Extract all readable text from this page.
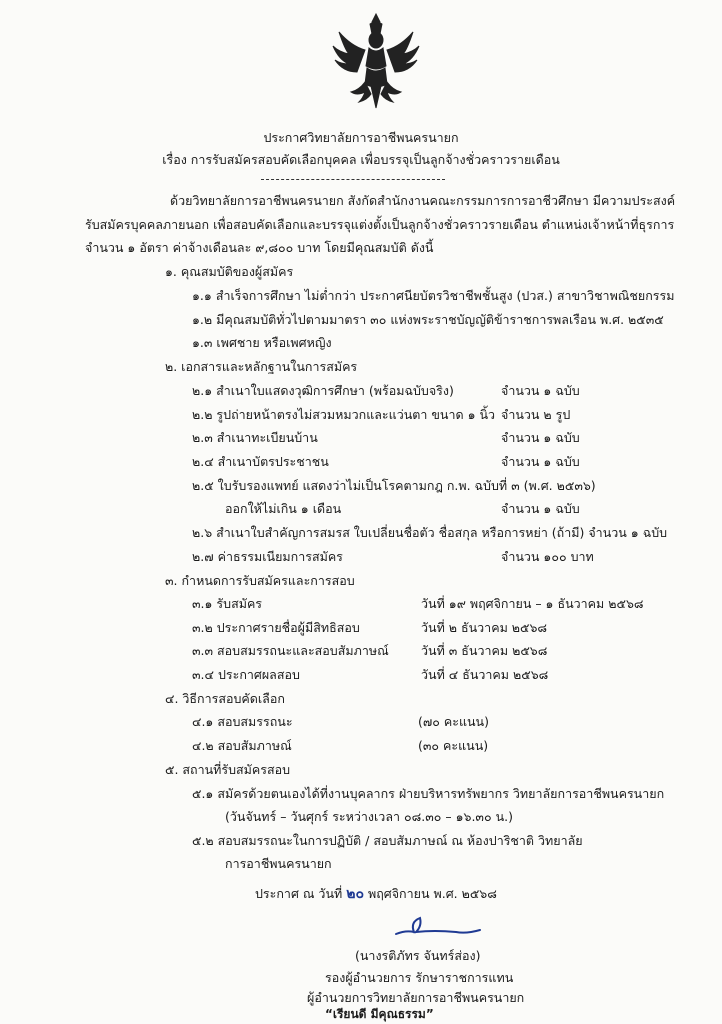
ประกาศวิทยาลัยการอาชีพนครนายก
เรื่อง การรับสมัครสอบคัดเลือกบุคคล เพื่อบรรจุเป็นลูกจ้างชั่วคราวรายเดือน
ด้วยวิทยาลัยการอาชีพนครนายก สังกัดสำนักงานคณะกรรมการการอาชีวศึกษา มีความประสงค์
รับสมัครบุคคลภายนอก เพื่อสอบคัดเลือกและบรรจุแต่งตั้งเป็นลูกจ้างชั่วคราวรายเดือน ตำแหน่งเจ้าหน้าที่ธุรการ
จำนวน ๑ อัตรา ค่าจ้างเดือนละ ๙,๘๐๐ บาท โดยมีคุณสมบัติ ดังนี้
๑. คุณสมบัติของผู้สมัคร
๑.๑ สำเร็จการศึกษา ไม่ต่ำกว่า ประกาศนียบัตรวิชาชีพชั้นสูง (ปวส.) สาขาวิชาพณิชยกรรม
๑.๒ มีคุณสมบัติทั่วไปตามมาตรา ๓๐ แห่งพระราชบัญญัติข้าราชการพลเรือน พ.ศ. ๒๕๓๕
๑.๓ เพศชาย หรือเพศหญิง
๒. เอกสารและหลักฐานในการสมัคร
๒.๑ สำเนาใบแสดงวุฒิการศึกษา (พร้อมฉบับจริง)	จำนวน ๑ ฉบับ
๒.๒ รูปถ่ายหน้าตรงไม่สวมหมวกและแว่นตา ขนาด ๑ นิ้ว จำนวน ๒ รูป
๒.๓ สำเนาทะเบียนบ้าน	จำนวน ๑ ฉบับ
๒.๔ สำเนาบัตรประชาชน	จำนวน ๑ ฉบับ
๒.๕ ใบรับรองแพทย์ แสดงว่าไม่เป็นโรคตามกฎ ก.พ. ฉบับที่ ๓ (พ.ศ. ๒๕๓๖)
ออกให้ไม่เกิน ๑ เดือน	จำนวน ๑ ฉบับ
๒.๖ สำเนาใบสำคัญการสมรส ใบเปลี่ยนชื่อตัว ชื่อสกุล หรือการหย่า (ถ้ามี) จำนวน ๑ ฉบับ
๒.๗ ค่าธรรมเนียมการสมัคร	จำนวน ๑๐๐ บาท
๓. กำหนดการรับสมัครและการสอบ
๓.๑ รับสมัคร	วันที่ ๑๙ พฤศจิกายน – ๑ ธันวาคม ๒๕๖๘
๓.๒ ประกาศรายชื่อผู้มีสิทธิสอบ	วันที่ ๒ ธันวาคม ๒๕๖๘
๓.๓ สอบสมรรถนะและสอบสัมภาษณ์	วันที่ ๓ ธันวาคม ๒๕๖๘
๓.๔ ประกาศผลสอบ	วันที่ ๔ ธันวาคม ๒๕๖๘
๔. วิธีการสอบคัดเลือก
๔.๑ สอบสมรรถนะ	(๗๐ คะแนน)
๔.๒ สอบสัมภาษณ์	(๓๐ คะแนน)
๕. สถานที่รับสมัครสอบ
๕.๑ สมัครด้วยตนเองได้ที่งานบุคลากร ฝ่ายบริหารทรัพยากร วิทยาลัยการอาชีพนครนายก
(วันจันทร์ – วันศุกร์ ระหว่างเวลา ๐๘.๓๐ – ๑๖.๓๐ น.)
๕.๒ สอบสมรรถนะในการปฏิบัติ / สอบสัมภาษณ์ ณ ห้องปาริชาติ วิทยาลัย
การอาชีพนครนายก
ประกาศ ณ วันที่ ๒๐ พฤศจิกายน พ.ศ. ๒๕๖๘
(นางรติภัทร จันทร์ส่อง)
รองผู้อำนวยการ รักษาราชการแทน
ผู้อำนวยการวิทยาลัยการอาชีพนครนายก
“เรียนดี มีคุณธรรม”
